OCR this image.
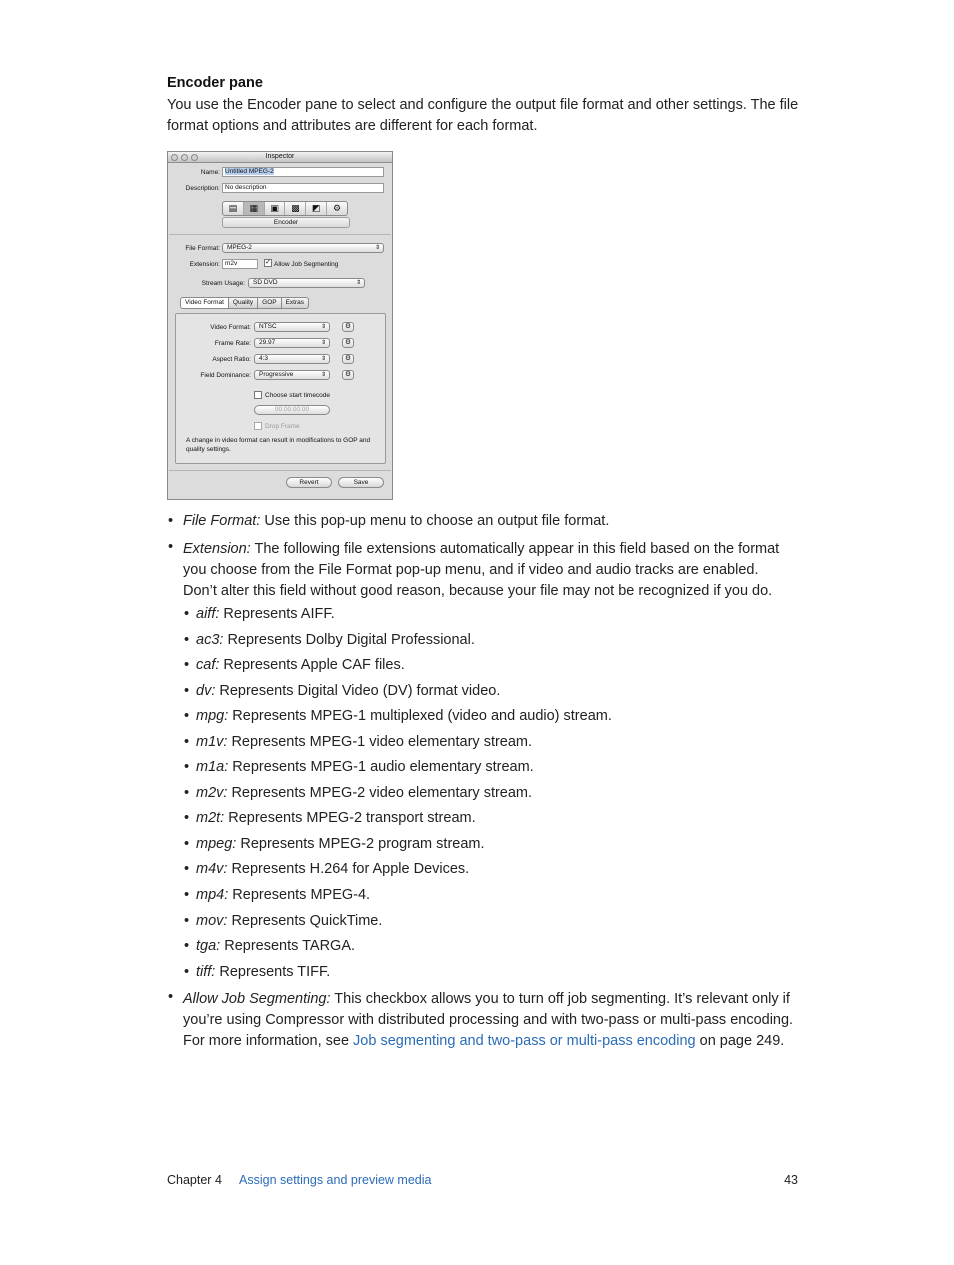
Encoder pane
You use the Encoder pane to select and configure the output file format and other settings. The file format options and attributes are different for each format.
Inspector
Name: Untitled MPEG-2
Description: No description
▤	▦	▣	▩	◩	⚙
Encoder
File Format:	MPEG-2	⇕
Extension: m2v	✓ Allow Job Segmenting
Stream Usage:	SD DVD	⇕
Video Format	Quality	GOP	Extras
Video Format:	NTSC	⇕	⚙
Frame Rate:	29.97	⇕	⚙
Aspect Ratio:	4:3	⇕	⚙
Field Dominance:	Progressive	⇕	⚙
Choose start timecode
00:00:00:00
Drop Frame
A change in video format can result in modifications to GOP and quality settings.
Revert	Save
• File Format: Use this pop-up menu to choose an output file format.
• Extension: The following file extensions automatically appear in this field based on the format
you choose from the File Format pop-up menu, and if video and audio tracks are enabled.
Don’t alter this field without good reason, because your file may not be recognized if you do.
• aiff: Represents AIFF.
• ac3: Represents Dolby Digital Professional.
• caf: Represents Apple CAF files.
• dv: Represents Digital Video (DV) format video.
• mpg: Represents MPEG-1 multiplexed (video and audio) stream.
• m1v: Represents MPEG-1 video elementary stream.
• m1a: Represents MPEG-1 audio elementary stream.
• m2v: Represents MPEG-2 video elementary stream.
• m2t: Represents MPEG-2 transport stream.
• mpeg: Represents MPEG-2 program stream.
• m4v: Represents H.264 for Apple Devices.
• mp4: Represents MPEG-4.
• mov: Represents QuickTime.
• tga: Represents TARGA.
• tiff: Represents TIFF.
• Allow Job Segmenting: This checkbox allows you to turn off job segmenting. It’s relevant only if
you’re using Compressor with distributed processing and with two-pass or multi-pass encoding.
For more information, see Job segmenting and two-pass or multi-pass encoding on page 249.
Chapter 4 Assign settings and preview media	43
